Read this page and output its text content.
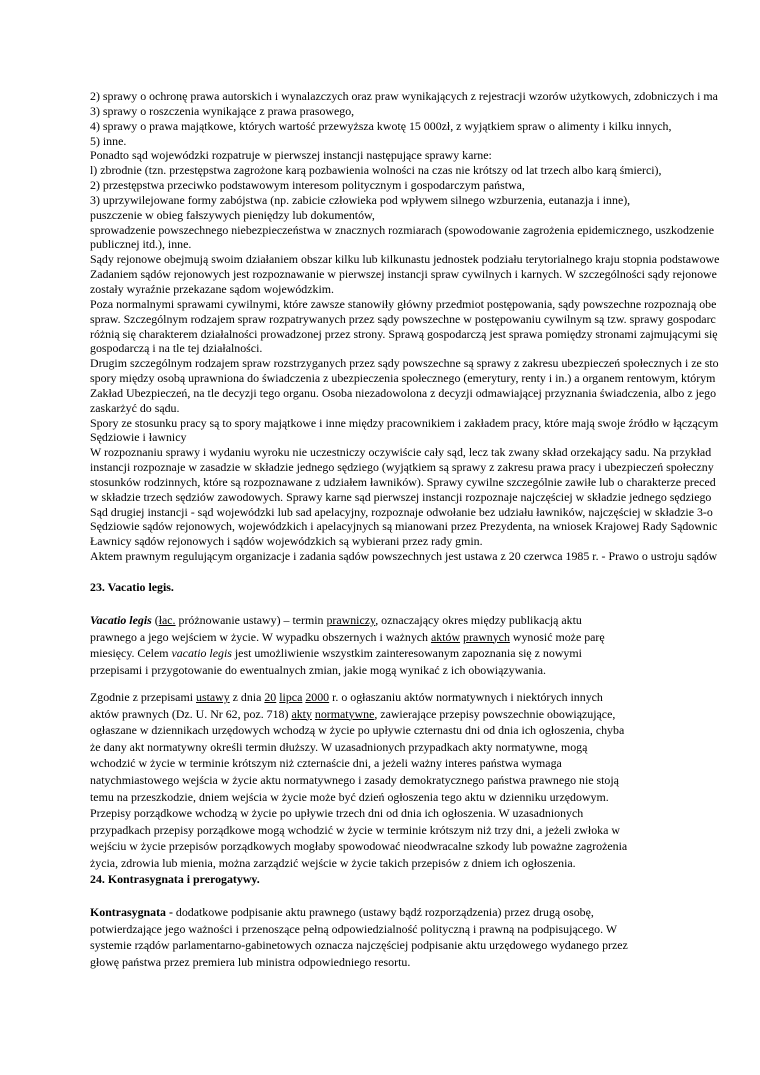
2) sprawy o ochronę prawa autorskich i wynalazczych oraz praw wynikających z rejestracji wzorów użytkowych, zdobniczych i ma
3) sprawy o roszczenia wynikające z prawa prasowego,
4) sprawy o prawa majątkowe, których wartość przewyższa kwotę 15 000zł, z wyjątkiem spraw o alimenty i kilku innych,
5) inne.
Ponadto sąd wojewódzki rozpatruje w pierwszej instancji następujące sprawy karne:
l) zbrodnie (tzn. przestępstwa zagrożone karą pozbawienia wolności na czas nie krótszy od lat trzech albo karą śmierci),
2) przestępstwa przeciwko podstawowym interesom politycznym i gospodarczym państwa,
3) uprzywilejowane formy zabójstwa (np. zabicie człowieka pod wpływem silnego wzburzenia, eutanazja i inne),
puszczenie w obieg fałszywych pieniędzy lub dokumentów,
sprowadzenie powszechnego niebezpieczeństwa w znacznych rozmiarach (spowodowanie zagrożenia epidemicznego, uszkodzenie
publicznej itd.), inne.
Sądy rejonowe obejmują swoim działaniem obszar kilku lub kilkunastu jednostek podziału terytorialnego kraju stopnia podstawowe
Zadaniem sądów rejonowych jest rozpoznawanie w pierwszej instancji spraw cywilnych i karnych. W szczególności sądy rejonowe
zostały wyraźnie przekazane sądom wojewódzkim.
Poza normalnymi sprawami cywilnymi, które zawsze stanowiły główny przedmiot postępowania, sądy powszechne rozpoznają obe
spraw. Szczególnym rodzajem spraw rozpatrywanych przez sądy powszechne w postępowaniu cywilnym są tzw. sprawy gospodarc
różnią się charakterem działalności prowadzonej przez strony. Sprawą gospodarczą jest sprawa pomiędzy stronami zajmującymi się
gospodarczą i na tle tej działalności.
Drugim szczególnym rodzajem spraw rozstrzyganych przez sądy powszechne są sprawy z zakresu ubezpieczeń społecznych i ze sto
spory między osobą uprawniona do świadczenia z ubezpieczenia społecznego (emerytury, renty i in.) a organem rentowym, którym
Zakład Ubezpieczeń, na tle decyzji tego organu. Osoba niezadowolona z decyzji odmawiającej przyznania świadczenia, albo z jego
zaskarżyć do sądu.
Spory ze stosunku pracy są to spory majątkowe i inne między pracownikiem i zakładem pracy, które mają swoje źródło w łączącym
Sędziowie i ławnicy
W rozpoznaniu sprawy i wydaniu wyroku nie uczestniczy oczywiście cały sąd, lecz tak zwany skład orzekający sadu. Na przykład
instancji rozpoznaje w zasadzie w składzie jednego sędziego (wyjątkiem są sprawy z zakresu prawa pracy i ubezpieczeń społeczny
stosunków rodzinnych, które są rozpoznawane z udziałem ławników). Sprawy cywilne szczególnie zawiłe lub o charakterze preced
w składzie trzech sędziów zawodowych. Sprawy karne sąd pierwszej instancji rozpoznaje najczęściej w składzie jednego sędziego
Sąd drugiej instancji - sąd wojewódzki lub sad apelacyjny, rozpoznaje odwołanie bez udziału ławników, najczęściej w składzie 3-o
Sędziowie sądów rejonowych, wojewódzkich i apelacyjnych są mianowani przez Prezydenta, na wniosek Krajowej Rady Sądownic
Ławnicy sądów rejonowych i sądów wojewódzkich są wybierani przez rady gmin.
Aktem prawnym regulującym organizacje i zadania sądów powszechnych jest ustawa z 20 czerwca 1985 r. - Prawo o ustroju sądów
23. Vacatio legis.
Vacatio legis (łac. próżnowanie ustawy) – termin prawniczy, oznaczający okres między publikacją aktu
prawnego a jego wejściem w życie. W wypadku obszernych i ważnych aktów prawnych wynosić może parę
miesięcy. Celem vacatio legis jest umożliwienie wszystkim zainteresowanym zapoznania się z nowymi
przepisami i przygotowanie do ewentualnych zmian, jakie mogą wynikać z ich obowiązywania.
Zgodnie z przepisami ustawy z dnia 20 lipca 2000 r. o ogłaszaniu aktów normatywnych i niektórych innych
aktów prawnych (Dz. U. Nr 62, poz. 718) akty normatywne, zawierające przepisy powszechnie obowiązujące,
ogłaszane w dziennikach urzędowych wchodzą w życie po upływie czternastu dni od dnia ich ogłoszenia, chyba
że dany akt normatywny określi termin dłuższy. W uzasadnionych przypadkach akty normatywne, mogą
wchodzić w życie w terminie krótszym niż czternaście dni, a jeżeli ważny interes państwa wymaga
natychmiastowego wejścia w życie aktu normatywnego i zasady demokratycznego państwa prawnego nie stoją
temu na przeszkodzie, dniem wejścia w życie może być dzień ogłoszenia tego aktu w dzienniku urzędowym.
Przepisy porządkowe wchodzą w życie po upływie trzech dni od dnia ich ogłoszenia. W uzasadnionych
przypadkach przepisy porządkowe mogą wchodzić w życie w terminie krótszym niż trzy dni, a jeżeli zwłoka w
wejściu w życie przepisów porządkowych mogłaby spowodować nieodwracalne szkody lub poważne zagrożenia
życia, zdrowia lub mienia, można zarządzić wejście w życie takich przepisów z dniem ich ogłoszenia.
24. Kontrasygnata i prerogatywy.
Kontrasygnata - dodatkowe podpisanie aktu prawnego (ustawy bądź rozporządzenia) przez drugą osobę,
potwierdzające jego ważności i przenoszące pełną odpowiedzialność polityczną i prawną na podpisującego. W
systemie rządów parlamentarno-gabinetowych oznacza najczęściej podpisanie aktu urzędowego wydanego przez
głowę państwa przez premiera lub ministra odpowiedniego resortu.
